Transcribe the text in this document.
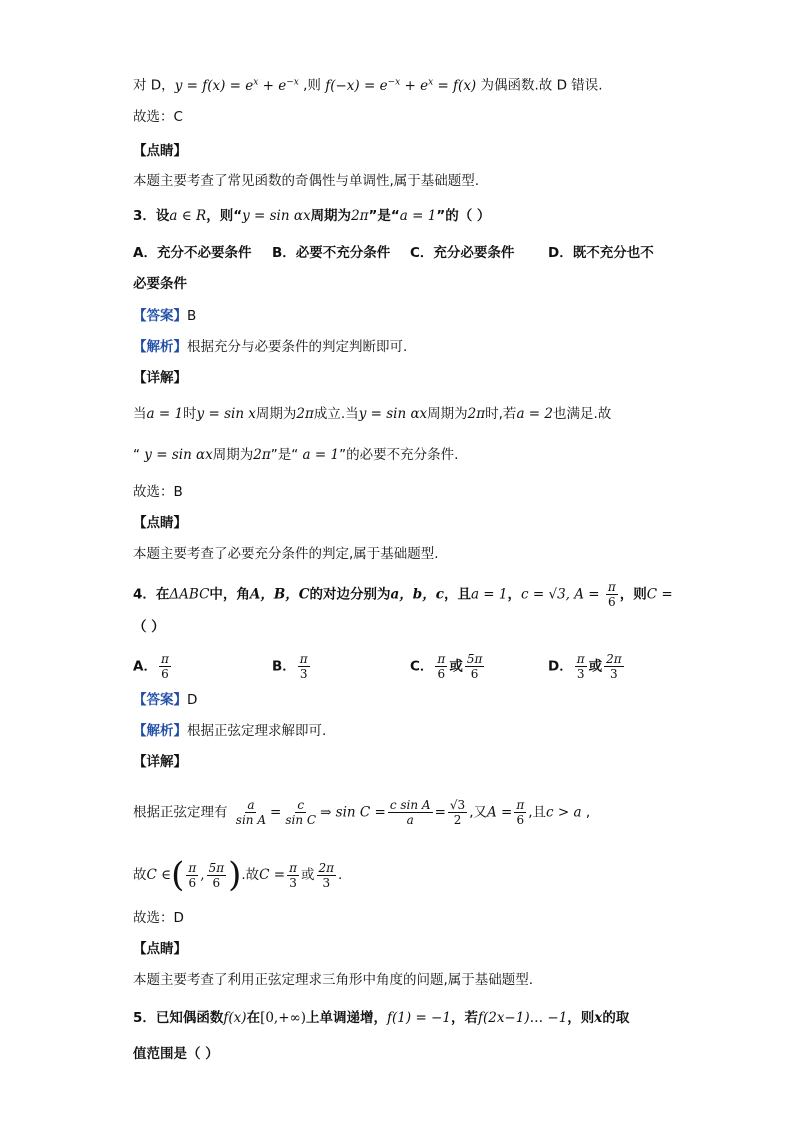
对 D，$y = f(x) = e^x + e^{-x}$ ,则 $f(-x) = e^{-x} + e^x = f(x)$ 为偶函数.故 D 错误.
故选：C
【点睛】
本题主要考查了常见函数的奇偶性与单调性,属于基础题型.
3．设a ∈ R，则“y = sin αx周期为2π”是“a = 1”的（ ）
A．充分不必要条件 B．必要不充分条件 C．充分必要条件 D．既不充分也不
必要条件
【答案】B
【解析】根据充分与必要条件的判定判断即可.
【详解】
当a = 1时y = sin x周期为2π成立.当y = sin αx周期为2π时,若a = 2也满足.故
“ y = sin αx周期为2π”是“ a = 1”的必要不充分条件.
故选：B
【点睛】
本题主要考查了必要充分条件的判定,属于基础题型.
4．在ΔABC中，角A，B，C的对边分别为a，b，c，且a = 1，c = √3, $A = \frac{\pi}{6}$ ，则C =
（ ）
A． $\frac{\pi}{6}$	B． $\frac{\pi}{3}$	C． $\frac{\pi}{6}$ 或 $\frac{5\pi}{6}$	D． $\frac{\pi}{3}$ 或 $\frac{2\pi}{3}$
【答案】D
【解析】根据正弦定理求解即可.
【详解】
根据正弦定理有 $\frac{a}{\text{sin A}} = \frac{c}{\text{sin C}}$ ⇒ $\sin C = \frac{\text{c sin A}}{a} = \frac{√3}{2}$ ,又$A = \frac{\pi}{6}$ ,且c > a ,
故C ∈( $\frac{\pi}{6}$ , $\frac{5\pi}{6}$ ).故$C = \frac{\pi}{3}$ 或 $\frac{2\pi}{3}$ .
故选：D
【点睛】
本题主要考查了利用正弦定理求三角形中角度的问题,属于基础题型.
5．已知偶函数f(x)在[0,+∞)上单调递增，f(1) = −1，若f(2x−1)… −1，则x的取
值范围是（ ）
